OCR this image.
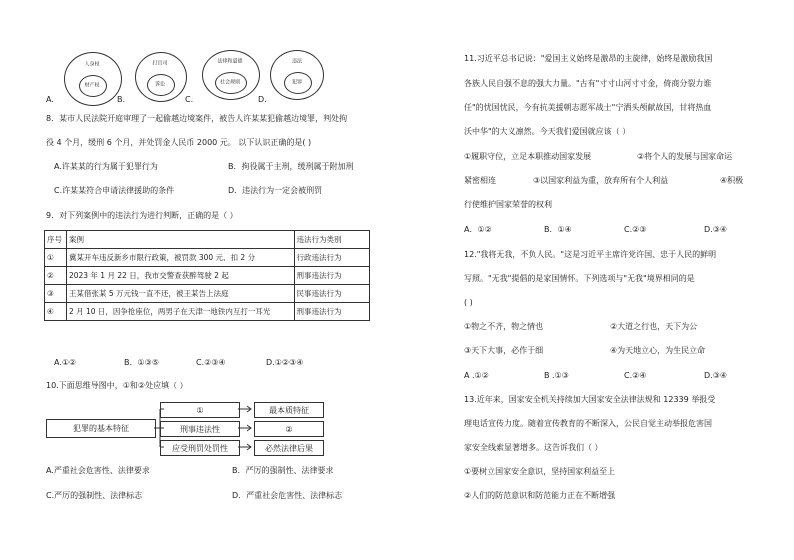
A.
人身权
财产权
B.
打官司
诉讼
C.
法律和道德
社会规则
D.
违法
犯罪
8．某市人民法院开庭审理了一起偷越边境案件，被告人许某某犯偷越边境罪，判处拘
役 4 个月，缓刑 6 个月，并处罚金人民币 2000 元。 以下认识正确的是( )
A.许某某的行为属于犯罪行为	B．拘役属于主刑，缓刑属于附加刑
C.许某某符合申请法律援助的条件	D．违法行为一定会被刑罚
9．对下列案例中的违法行为进行判断，正确的是（ ）
序号	案例	违法行为类别
①	冀某开车违反新乡市限行政策，被罚款 300 元、扣 2 分	行政违法行为
②	2023 年 1 月 22 日，我市交警查获醉驾驶 2 起	刑事违法行为
③	王某借张某 5 万元钱一直不还，被王某告上法庭	民事违法行为
④	2 月 10 日，因争抢座位，两男子在天津一地铁内互打一耳光	刑事违法行为
A.①②	B．①③⑤	C.②③④	D.①②③④
10.下面思维导图中，①和②处应填（ ）
犯罪的基本特征
①
刑事违法性
应受刑罚处罚性
最本质特征
②
必然法律后果
A.严重社会危害性、法律要求	B．严厉的强制性、法律要求
C.严厉的强制性、法律标志	D．严重社会危害性、法律标志
11.习近平总书记说："爱国主义始终是激昂的主旋律，始终是激励我国
各族人民自强不息的强大力量。"古有"寸寸山河寸寸金，倚商分裂力谁
任"的忧国忧民，今有抗美援朝志愿军战士"宁洒头颅献故国，甘将热血
沃中华"的大义凛然。今天我们爱国就应该（ ）
①履职守位，立足本职推动国家发展	②将个人的发展与国家命运
紧密相连	③以国家利益为重，放弃所有个人利益	④积极
行使维护国家荣誉的权利
A．①②	B．①④	C.②③	D.③④
12."我将无我，不负人民。"这是习近平主席许党许国、忠于人民的鲜明
写照。"无我"提倡的是家国情怀。下列选项与"无我"境界相同的是
( )
①物之不齐，物之情也	②大道之行也，天下为公
③天下大事，必作于细	④为天地立心，为生民立命
A .①②	B .①③	C.②④	D.③④
13.近年来，国家安全机关持续加大国家安全法律法规和 12339 举报受
理电话宣传力度。随着宣传教育的不断深入，公民自觉主动举报危害国
家安全线索显著增多。这告诉我们（ ）
①要树立国家安全意识，坚持国家利益至上
②人们的防范意识和防范能力正在不断增强
